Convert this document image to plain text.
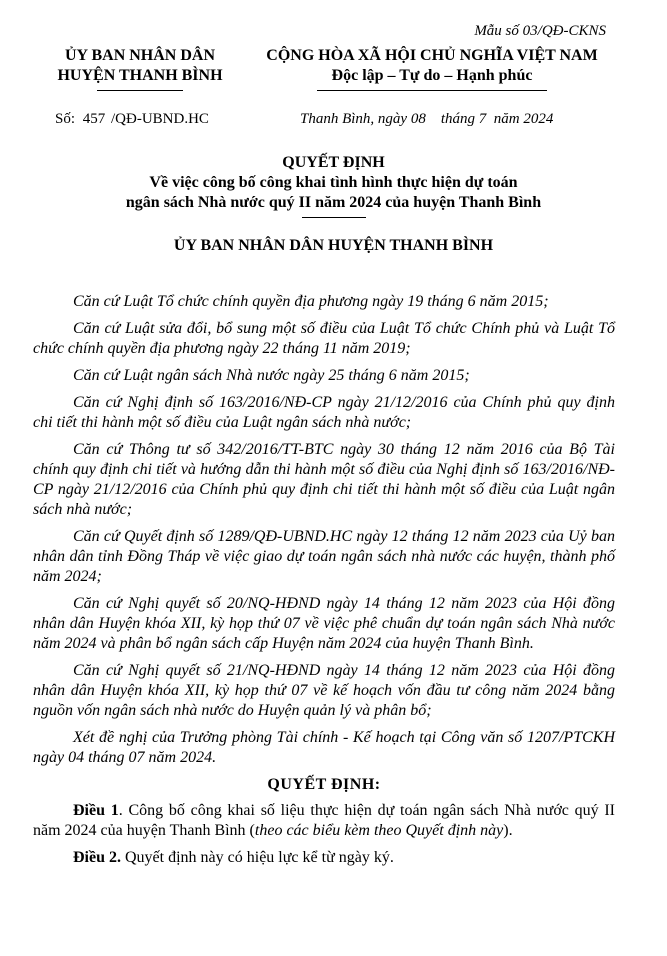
Mẫu số 03/QĐ-CKNS
ỦY BAN NHÂN DÂN
HUYỆN THANH BÌNH
CỘNG HÒA XÃ HỘI CHỦ NGHĨA VIỆT NAM
Độc lập – Tự do – Hạnh phúc
Số: 457 /QĐ-UBND.HC	Thanh Bình, ngày 08    tháng 7  năm 2024
QUYẾT ĐỊNH
Về việc công bố công khai tình hình thực hiện dự toán
ngân sách Nhà nước quý II năm 2024 của huyện Thanh Bình
ỦY BAN NHÂN DÂN HUYỆN THANH BÌNH

Căn cứ Luật Tổ chức chính quyền địa phương ngày 19 tháng 6 năm 2015;

Căn cứ Luật sửa đổi, bổ sung một số điều của Luật Tổ chức Chính phủ và Luật Tổ chức chính quyền địa phương ngày 22 tháng 11 năm 2019;

Căn cứ Luật ngân sách Nhà nước ngày 25 tháng 6 năm 2015;

Căn cứ Nghị định số 163/2016/NĐ-CP ngày 21/12/2016 của Chính phủ quy định chi tiết thi hành một số điều của Luật ngân sách nhà nước;

Căn cứ Thông tư số 342/2016/TT-BTC ngày 30 tháng 12 năm 2016 của Bộ Tài chính quy định chi tiết và hướng dẫn thi hành một số điều của Nghị định số 163/2016/NĐ-CP ngày 21/12/2016 của Chính phủ quy định chi tiết thi hành một số điều của Luật ngân sách nhà nước;

Căn cứ Quyết định số 1289/QĐ-UBND.HC ngày 12 tháng 12 năm 2023 của Uỷ ban nhân dân tỉnh Đồng Tháp về việc giao dự toán ngân sách nhà nước các huyện, thành phố năm 2024;

Căn cứ Nghị quyết số 20/NQ-HĐND ngày 14 tháng 12 năm 2023 của Hội đồng nhân dân Huyện khóa XII, kỳ họp thứ 07 về việc phê chuẩn dự toán ngân sách Nhà nước năm 2024 và phân bổ ngân sách cấp Huyện năm 2024 của huyện Thanh Bình.

Căn cứ Nghị quyết số 21/NQ-HĐND ngày 14 tháng 12 năm 2023 của Hội đồng nhân dân Huyện khóa XII, kỳ họp thứ 07 về kế hoạch vốn đầu tư công năm 2024 bằng nguồn vốn ngân sách nhà nước do Huyện quản lý và phân bổ;

Xét đề nghị của Trưởng phòng Tài chính - Kế hoạch tại Công văn số 1207/PTCKH ngày 04 tháng 07 năm 2024.

QUYẾT ĐỊNH:

Điều 1. Công bố công khai số liệu thực hiện dự toán ngân sách Nhà nước quý II năm 2024 của huyện Thanh Bình (theo các biểu kèm theo Quyết định này).

Điều 2. Quyết định này có hiệu lực kể từ ngày ký.
